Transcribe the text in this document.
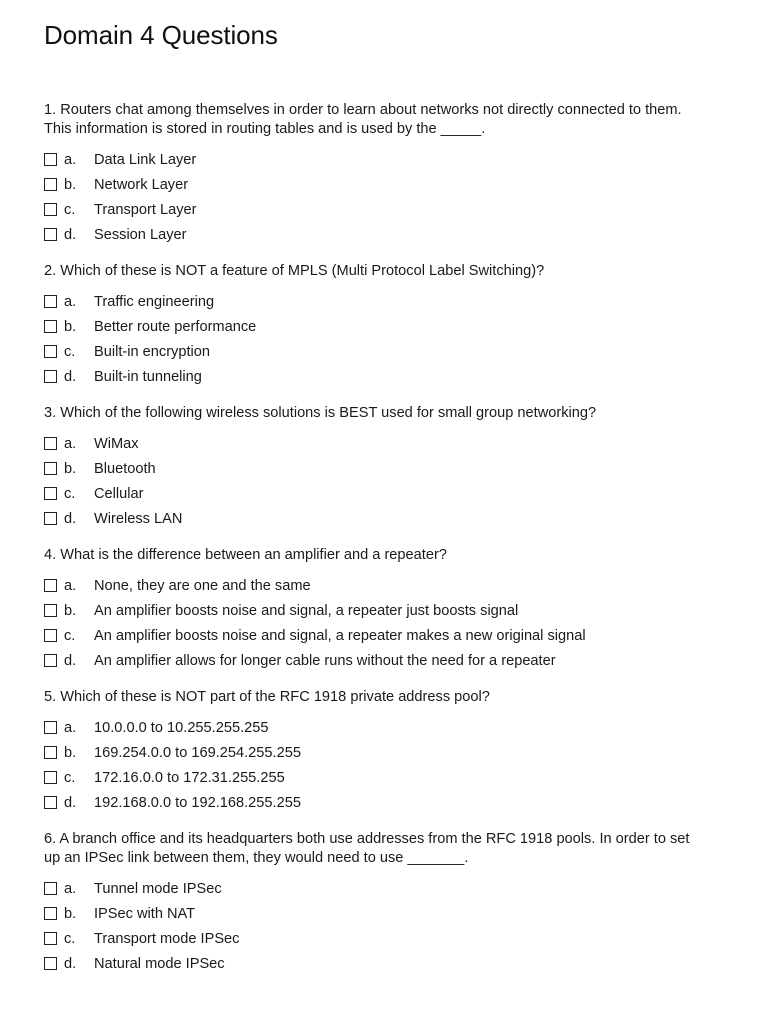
Domain 4 Questions

1. Routers chat among themselves in order to learn about networks not directly connected to them. This information is stored in routing tables and is used by the _____.

a.	Data Link Layer
b.	Network Layer
c.	Transport Layer
d.	Session Layer

2. Which of these is NOT a feature of MPLS (Multi Protocol Label Switching)?

a.	Traffic engineering
b.	Better route performance
c.	Built-in encryption
d.	Built-in tunneling

3. Which of the following wireless solutions is BEST used for small group networking?

a.	WiMax
b.	Bluetooth
c.	Cellular
d.	Wireless LAN

4. What is the difference between an amplifier and a repeater?

a.	None, they are one and the same
b.	An amplifier boosts noise and signal, a repeater just boosts signal
c.	An amplifier boosts noise and signal, a repeater makes a new original signal
d.	An amplifier allows for longer cable runs without the need for a repeater

5. Which of these is NOT part of the RFC 1918 private address pool?

a.	10.0.0.0 to 10.255.255.255
b.	169.254.0.0 to 169.254.255.255
c.	172.16.0.0 to 172.31.255.255
d.	192.168.0.0 to 192.168.255.255

6. A branch office and its headquarters both use addresses from the RFC 1918 pools. In order to set up an IPSec link between them, they would need to use _______.

a.	Tunnel mode IPSec
b.	IPSec with NAT
c.	Transport mode IPSec
d.	Natural mode IPSec
